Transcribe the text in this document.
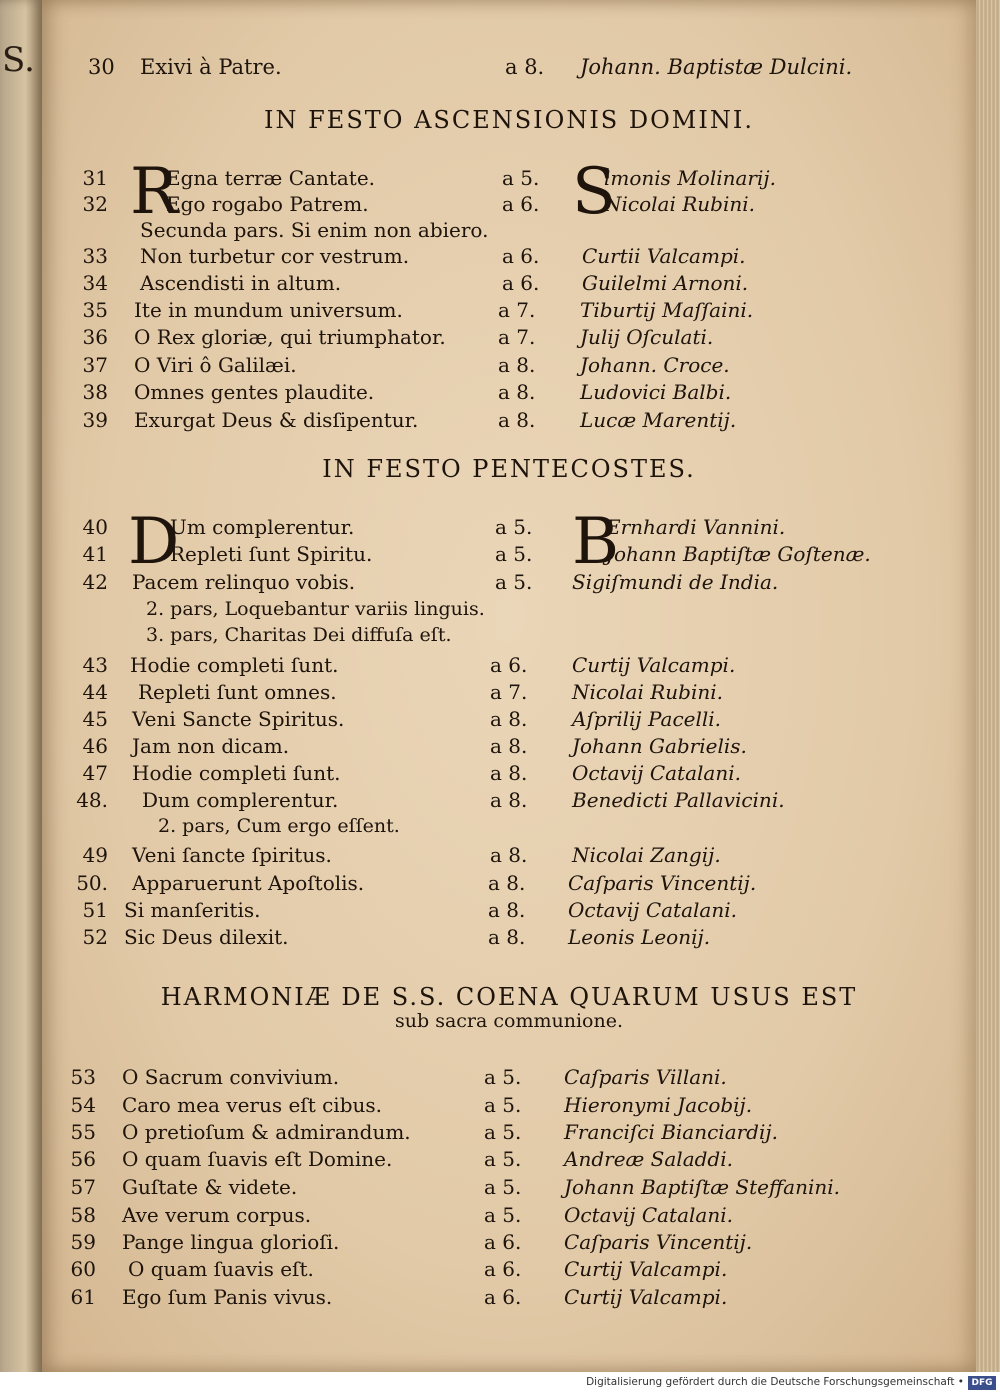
S.	30 Exivi à Patre.	a 8. Johann. Baptistæ Dulcini.
IN FESTO ASCENSIONIS DOMINI.
IN FESTO PENTECOSTES.
HARMONIÆ DE S.S. COENA QUARUM USUS EST
sub sacra communione.
R	S
D	B
31	Egna terræ Cantate.	a 5.	lmonis Molinarij.
32	Ego rogabo Patrem.	a 6.	Nicolai Rubini.
Secunda pars. Si enim non abiero.
33 Non turbetur cor vestrum.	a 6. Curtii Valcampi.
34 Ascendisti in altum.	a 6. Guilelmi Arnoni.
35 Ite in mundum universum.	a 7. Tiburtij Maſſaini.
36 O Rex gloriæ, qui triumphator.	a 7. Julij Oſculati.
37 O Viri ô Galilæi.	a 8. Johann. Croce.
38 Omnes gentes plaudite.	a 8. Ludovici Balbi.
39 Exurgat Deus & disſipentur.	a 8. Lucæ Marentij.
40	Um complerentur.	a 5.	Ernhardi Vannini.
41	Repleti ſunt Spiritu.	a 5.	Johann Baptiſtæ Goſtenæ.
42 Pacem relinquo vobis.	a 5. Sigiſmundi de India.
2. pars, Loquebantur variis linguis.
3. pars, Charitas Dei diffuſa eſt.
43 Hodie completi ſunt.	a 6. Curtij Valcampi.
44 Repleti ſunt omnes.	a 7. Nicolai Rubini.
45 Veni Sancte Spiritus.	a 8. Aſprilij Pacelli.
46 Jam non dicam.	a 8. Johann Gabrielis.
47 Hodie completi ſunt.	a 8. Octavij Catalani.
48. Dum complerentur.	a 8. Benedicti Pallavicini.
2. pars, Cum ergo eſſent.
49 Veni ſancte ſpiritus.	a 8. Nicolai Zangij.
50. Apparuerunt Apoſtolis.	a 8. Caſparis Vincentij.
51 Si manſeritis.	a 8. Octavij Catalani.
52 Sic Deus dilexit.	a 8. Leonis Leonij.
53 O Sacrum convivium.	a 5. Caſparis Villani.
54 Caro mea verus eſt cibus.	a 5. Hieronymi Jacobij.
55 O pretioſum & admirandum.	a 5. Franciſci Bianciardij.
56 O quam ſuavis eſt Domine.	a 5. Andreæ Saladdi.
57 Guſtate & videte.	a 5. Johann Baptiſtæ Steffanini.
58 Ave verum corpus.	a 5. Octavij Catalani.
59 Pange lingua glorioſi.	a 6. Caſparis Vincentij.
60 O quam ſuavis eſt.	a 6. Curtij Valcampi.
61 Ego ſum Panis vivus.	a 6. Curtij Valcampi.
Digitalisierung gefördert durch die Deutsche Forschungsgemeinschaft • DFG
